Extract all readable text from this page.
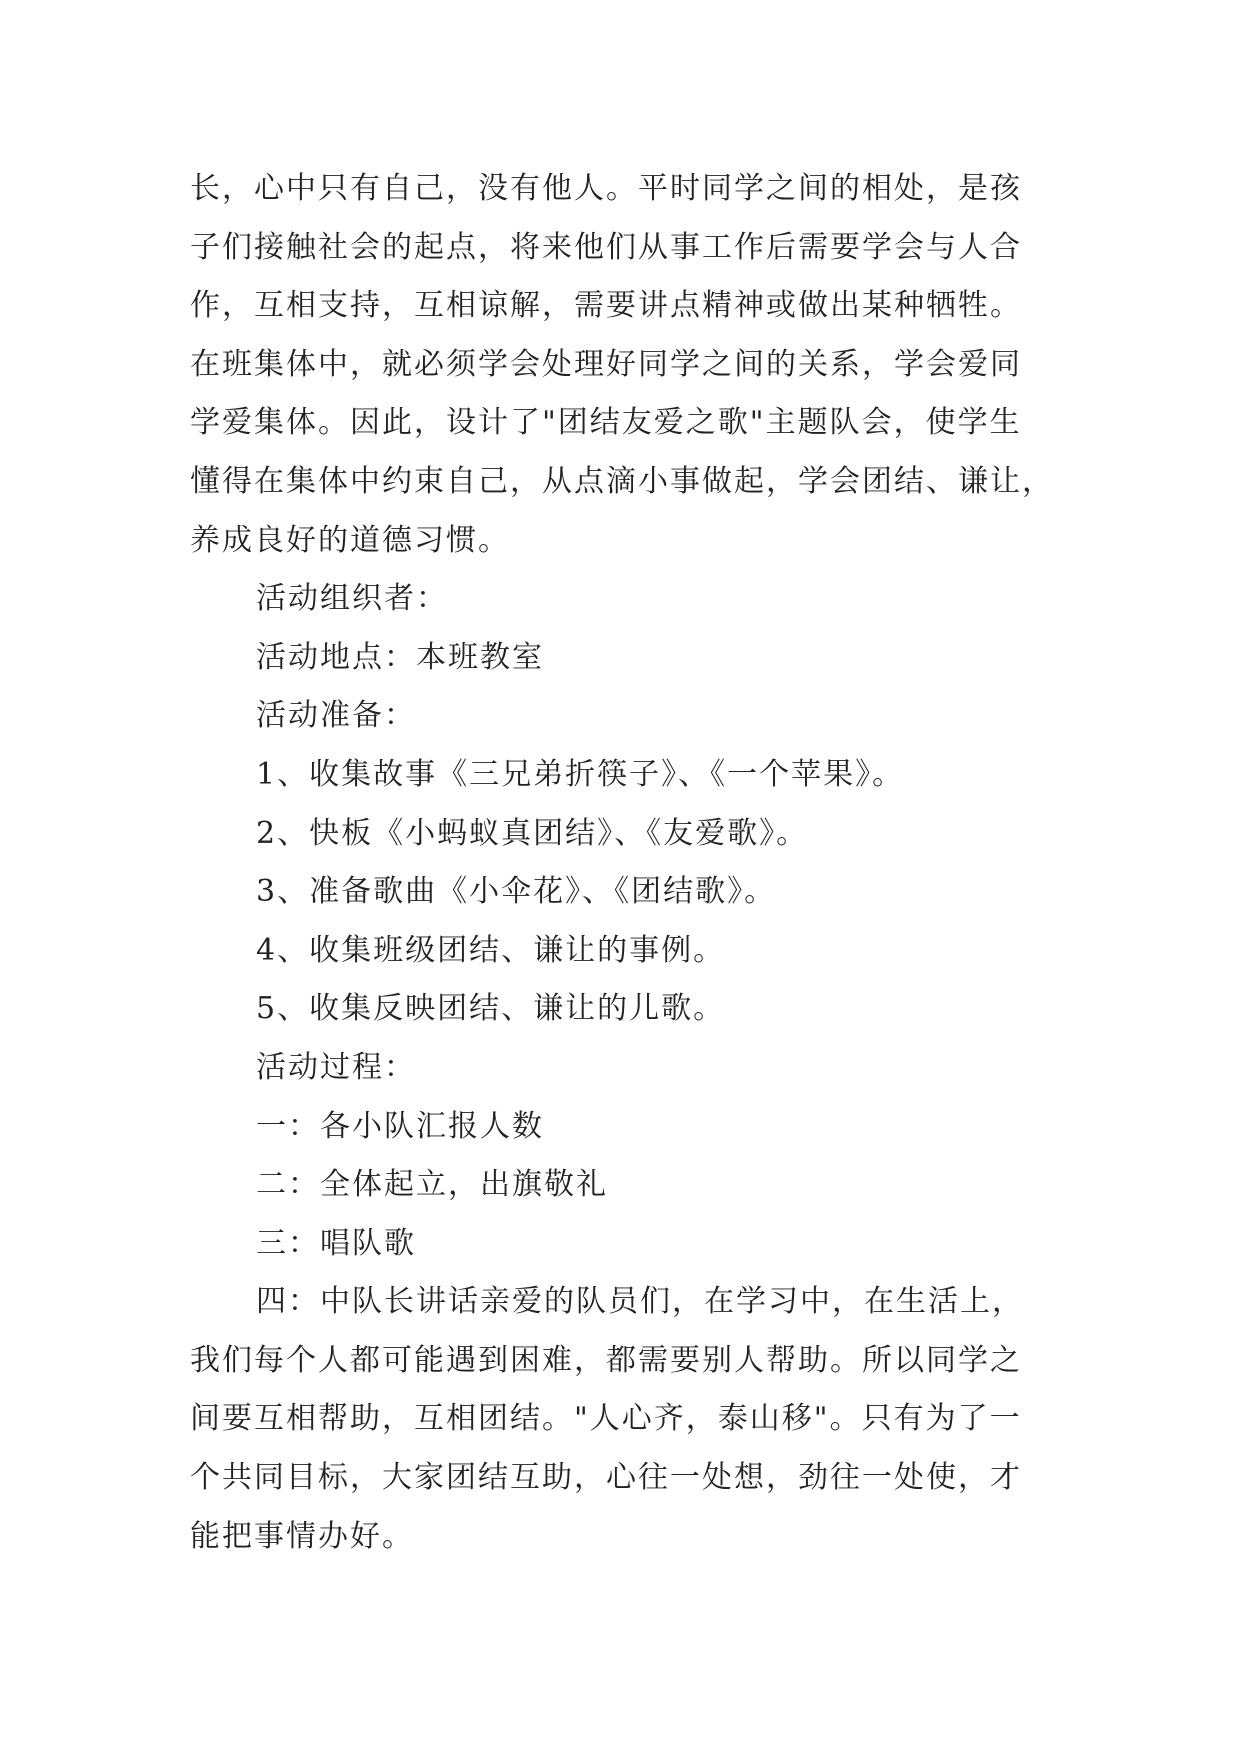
长，心中只有自己，没有他人。平时同学之间的相处，是孩

子们接触社会的起点，将来他们从事工作后需要学会与人合

作，互相支持，互相谅解，需要讲点精神或做出某种牺牲。

在班集体中，就必须学会处理好同学之间的关系，学会爱同

学爱集体。因此，设计了"团结友爱之歌"主题队会，使学生

懂得在集体中约束自己，从点滴小事做起，学会团结、谦让，

养成良好的道德习惯。

活动组织者：

活动地点：本班教室

活动准备：

1、收集故事《三兄弟折筷子》、《一个苹果》。

2、快板《小蚂蚁真团结》、《友爱歌》。

3、准备歌曲《小伞花》、《团结歌》。

4、收集班级团结、谦让的事例。

5、收集反映团结、谦让的儿歌。

活动过程：

一：各小队汇报人数

二：全体起立，出旗敬礼

三：唱队歌

四：中队长讲话亲爱的队员们，在学习中，在生活上，

我们每个人都可能遇到困难，都需要别人帮助。所以同学之

间要互相帮助，互相团结。"人心齐，泰山移"。只有为了一

个共同目标，大家团结互助，心往一处想，劲往一处使，才

能把事情办好。
